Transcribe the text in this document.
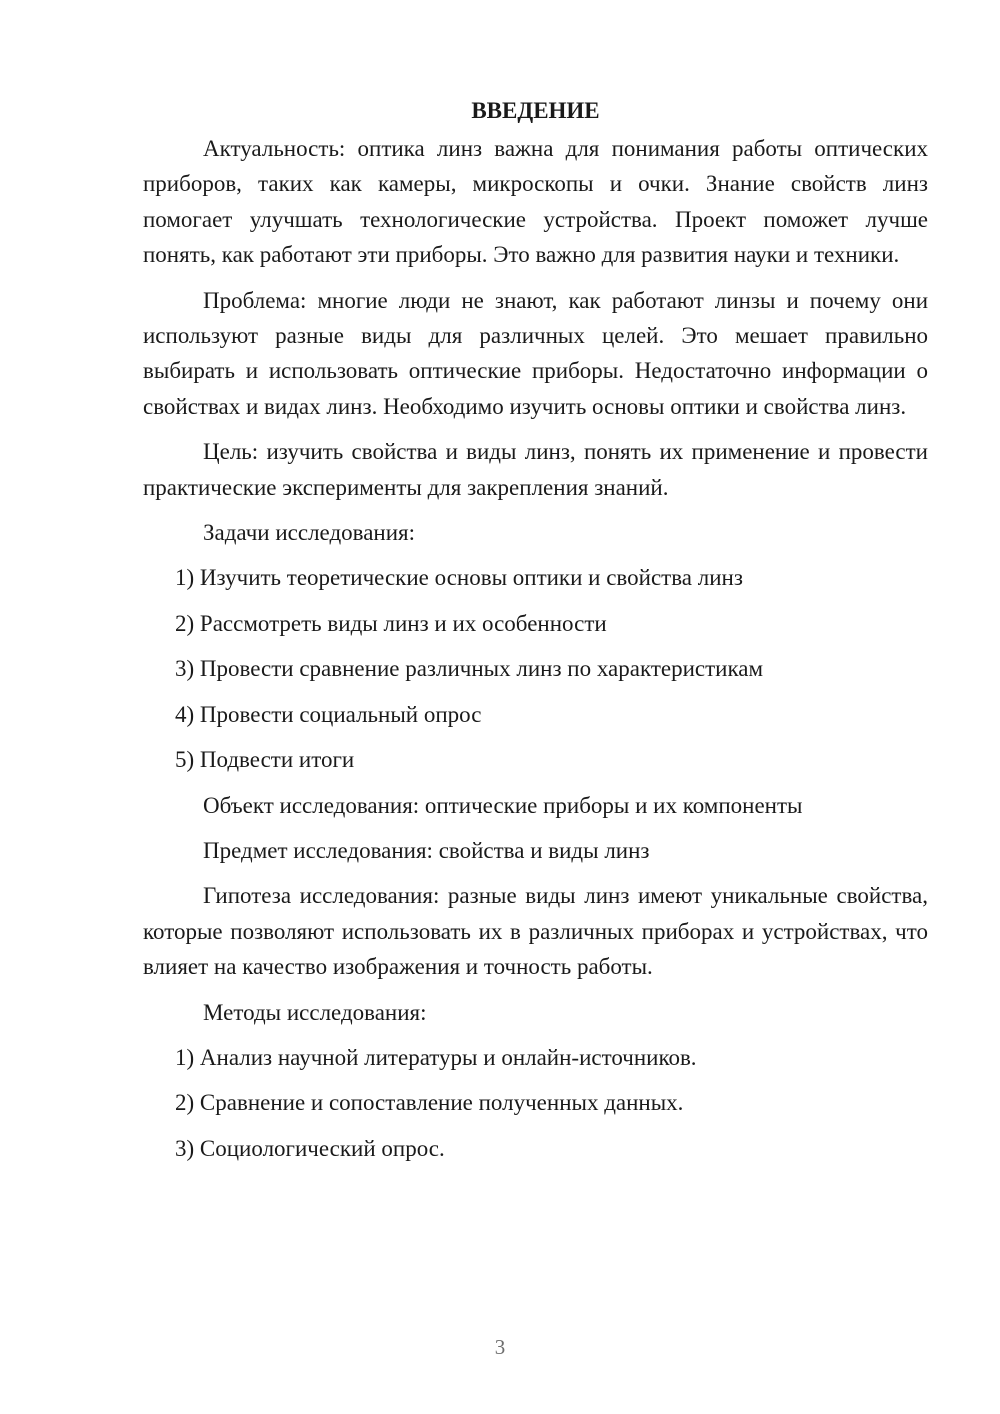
ВВЕДЕНИЕ

Актуальность: оптика линз важна для понимания работы оптических приборов, таких как камеры, микроскопы и очки. Знание свойств линз помогает улучшать технологические устройства. Проект поможет лучше понять, как работают эти приборы. Это важно для развития науки и техники.

Проблема: многие люди не знают, как работают линзы и почему они используют разные виды для различных целей. Это мешает правильно выбирать и использовать оптические приборы. Недостаточно информации о свойствах и видах линз. Необходимо изучить основы оптики и свойства линз.

Цель: изучить свойства и виды линз, понять их применение и провести практические эксперименты для закрепления знаний.

Задачи исследования:
1) Изучить теоретические основы оптики и свойства линз
2) Рассмотреть виды линз и их особенности
3) Провести сравнение различных линз по характеристикам
4) Провести социальный опрос
5) Подвести итоги
Объект исследования: оптические приборы и их компоненты
Предмет исследования: свойства и виды линз

Гипотеза исследования: разные виды линз имеют уникальные свойства, которые позволяют использовать их в различных приборах и устройствах, что влияет на качество изображения и точность работы.

Методы исследования:
1) Анализ научной литературы и онлайн-источников.
2) Сравнение и сопоставление полученных данных.
3) Социологический опрос.
3
